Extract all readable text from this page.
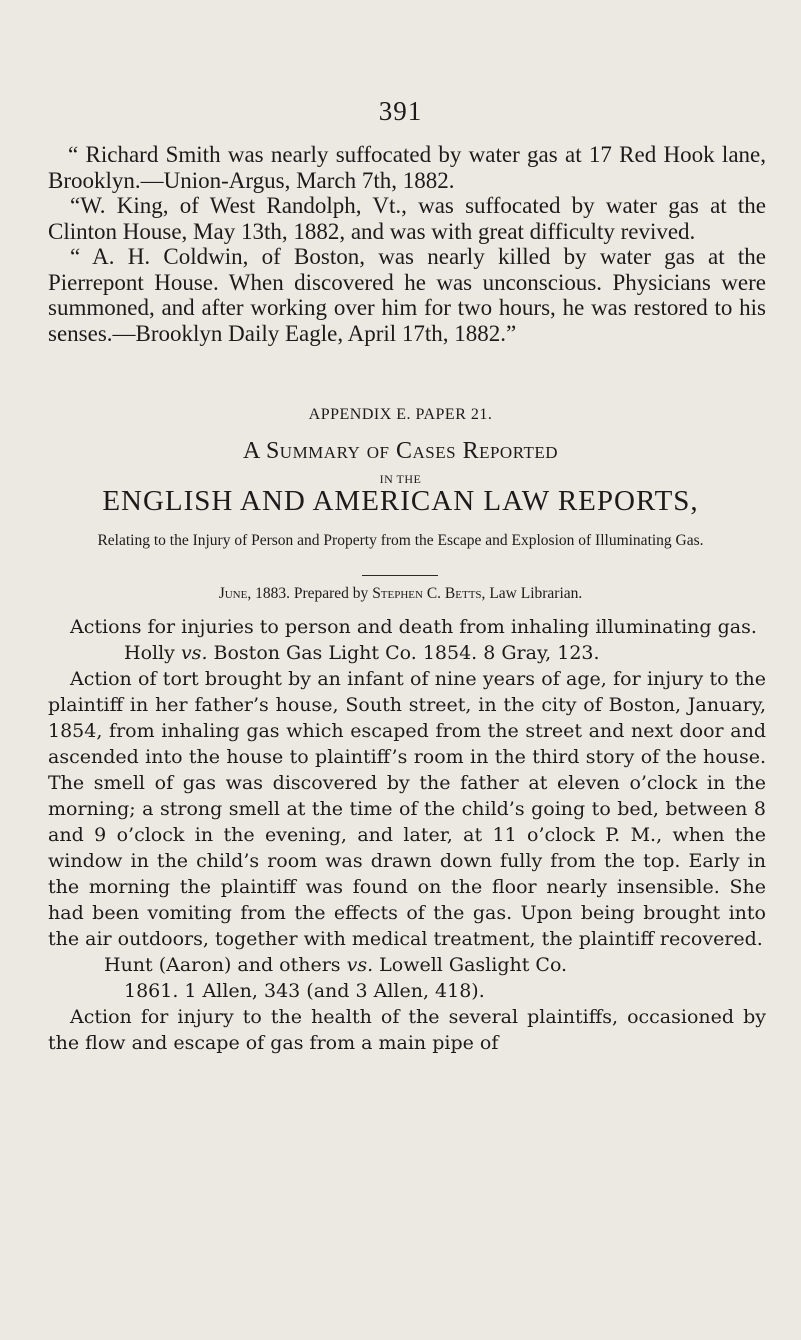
391

“ Richard Smith was nearly suffocated by water gas at 17 Red Hook lane, Brooklyn.—Union-Argus, March 7th, 1882.

“W. King, of West Randolph, Vt., was suffocated by water gas at the Clinton House, May 13th, 1882, and was with great difficulty revived.

“ A. H. Coldwin, of Boston, was nearly killed by water gas at the Pierrepont House. When discovered he was unconscious. Physicians were summoned, and after working over him for two hours, he was restored to his senses.—Brooklyn Daily Eagle, April 17th, 1882.”

APPENDIX E. PAPER 21.
A Summary of Cases Reported
IN THE
ENGLISH AND AMERICAN LAW REPORTS,
Relating to the Injury of Person and Property from the Escape and Explosion of Illuminating Gas.
June, 1883. Prepared by Stephen C. Betts, Law Librarian.

Actions for injuries to person and death from inhaling illuminating gas.

Holly vs. Boston Gas Light Co. 1854. 8 Gray, 123.

Action of tort brought by an infant of nine years of age, for injury to the plaintiff in her father’s house, South street, in the city of Boston, January, 1854, from inhaling gas which escaped from the street and next door and ascended into the house to plaintiff’s room in the third story of the house. The smell of gas was discovered by the father at eleven o’clock in the morning; a strong smell at the time of the child’s going to bed, between 8 and 9 o’clock in the evening, and later, at 11 o’clock P. M., when the window in the child’s room was drawn down fully from the top. Early in the morning the plaintiff was found on the floor nearly insensible. She had been vomiting from the effects of the gas. Upon being brought into the air outdoors, together with medical treatment, the plaintiff recovered.

Hunt (Aaron) and others vs. Lowell Gaslight Co.
1861. 1 Allen, 343 (and 3 Allen, 418).

Action for injury to the health of the several plaintiffs, occasioned by the flow and escape of gas from a main pipe of
